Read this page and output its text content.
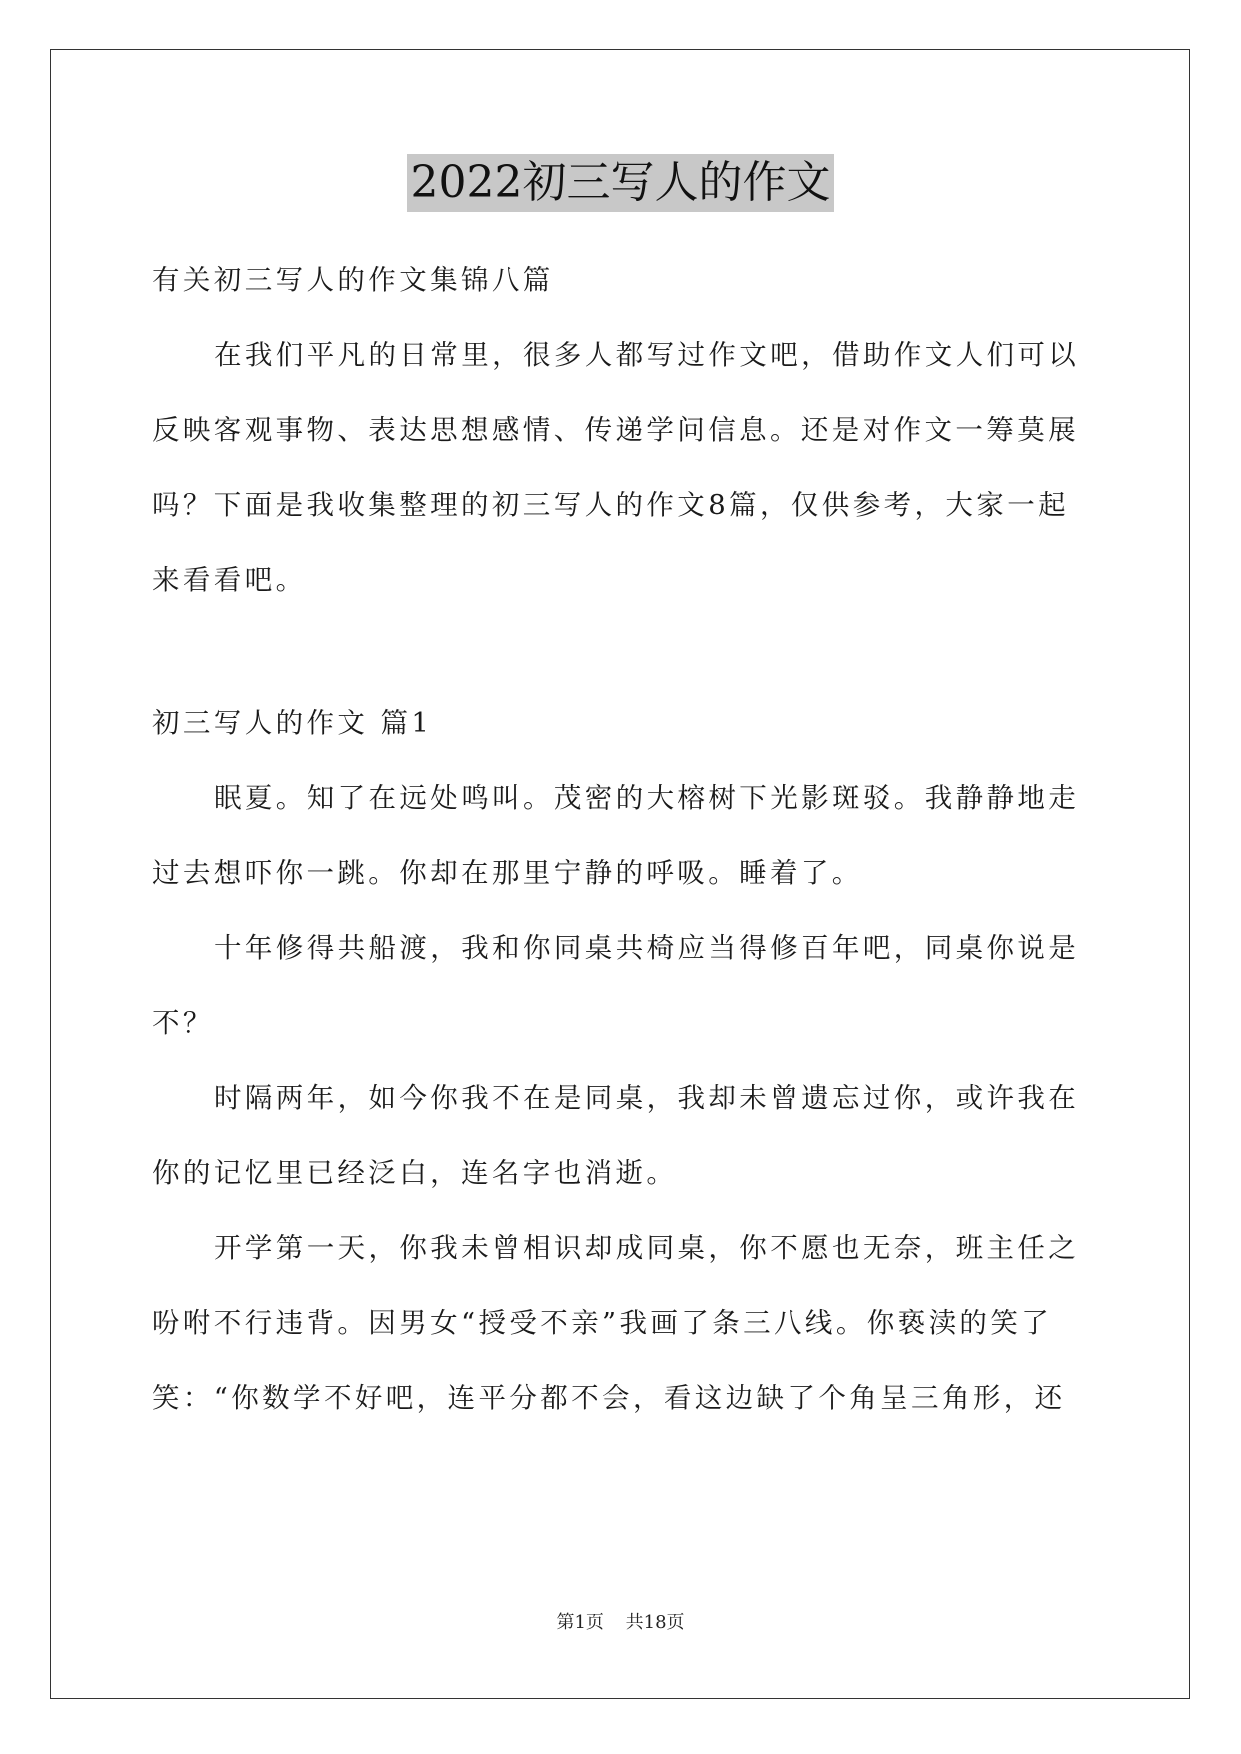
2022初三写人的作文
有关初三写人的作文集锦八篇
在我们平凡的日常里，很多人都写过作文吧，借助作文人们可以
反映客观事物、表达思想感情、传递学问信息。还是对作文一筹莫展
吗？下面是我收集整理的初三写人的作文8篇，仅供参考，大家一起
来看看吧。
初三写人的作文 篇1
眠夏。知了在远处鸣叫。茂密的大榕树下光影斑驳。我静静地走
过去想吓你一跳。你却在那里宁静的呼吸。睡着了。
十年修得共船渡，我和你同桌共椅应当得修百年吧，同桌你说是
不？
时隔两年，如今你我不在是同桌，我却未曾遗忘过你，或许我在
你的记忆里已经泛白，连名字也消逝。
开学第一天，你我未曾相识却成同桌，你不愿也无奈，班主任之
吩咐不行违背。因男女“授受不亲”我画了条三八线。你亵渎的笑了
笑：“你数学不好吧，连平分都不会，看这边缺了个角呈三角形，还
第1页 共18页
